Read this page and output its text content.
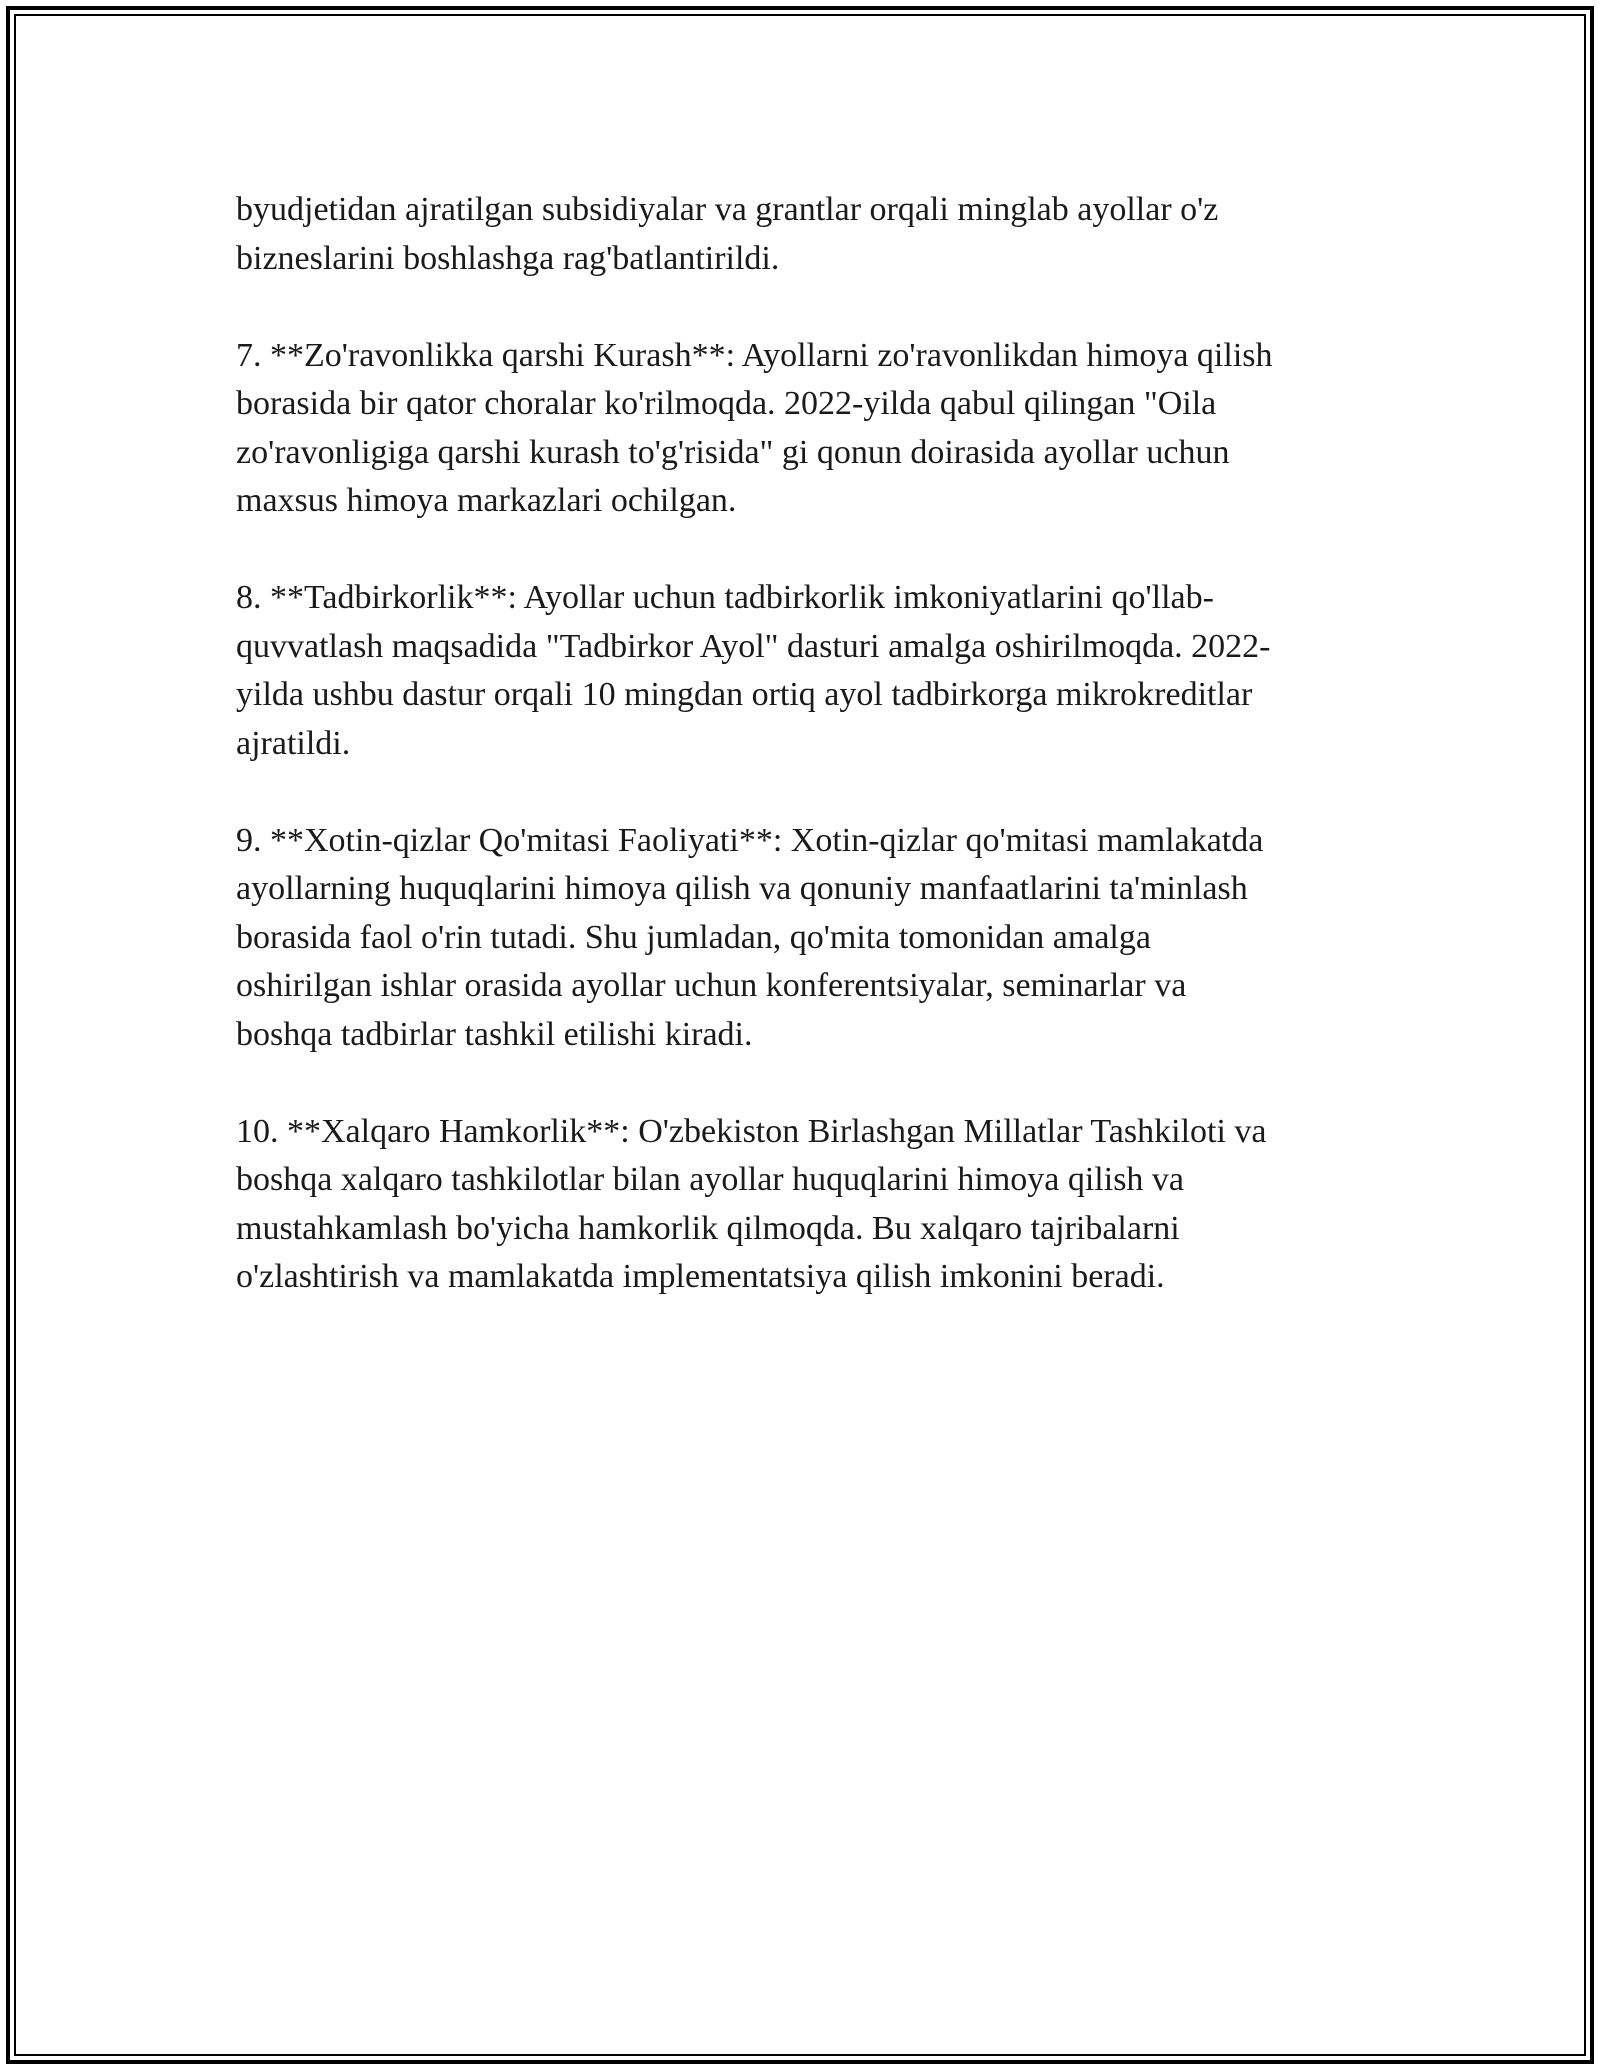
byudjetidan ajratilgan subsidiyalar va grantlar orqali minglab ayollar o'z
bizneslarini boshlashga rag'batlantirildi.

7. **Zo'ravonlikka qarshi Kurash**: Ayollarni zo'ravonlikdan himoya qilish
borasida bir qator choralar ko'rilmoqda. 2022-yilda qabul qilingan "Oila
zo'ravonligiga qarshi kurash to'g'risida" gi qonun doirasida ayollar uchun
maxsus himoya markazlari ochilgan.

8. **Tadbirkorlik**: Ayollar uchun tadbirkorlik imkoniyatlarini qo'llab-
quvvatlash maqsadida "Tadbirkor Ayol" dasturi amalga oshirilmoqda. 2022-
yilda ushbu dastur orqali 10 mingdan ortiq ayol tadbirkorga mikrokreditlar
ajratildi.

9. **Xotin-qizlar Qo'mitasi Faoliyati**: Xotin-qizlar qo'mitasi mamlakatda
ayollarning huquqlarini himoya qilish va qonuniy manfaatlarini ta'minlash
borasida faol o'rin tutadi. Shu jumladan, qo'mita tomonidan amalga
oshirilgan ishlar orasida ayollar uchun konferentsiyalar, seminarlar va
boshqa tadbirlar tashkil etilishi kiradi.

10. **Xalqaro Hamkorlik**: O'zbekiston Birlashgan Millatlar Tashkiloti va
boshqa xalqaro tashkilotlar bilan ayollar huquqlarini himoya qilish va
mustahkamlash bo'yicha hamkorlik qilmoqda. Bu xalqaro tajribalarni
o'zlashtirish va mamlakatda implementatsiya qilish imkonini beradi.
